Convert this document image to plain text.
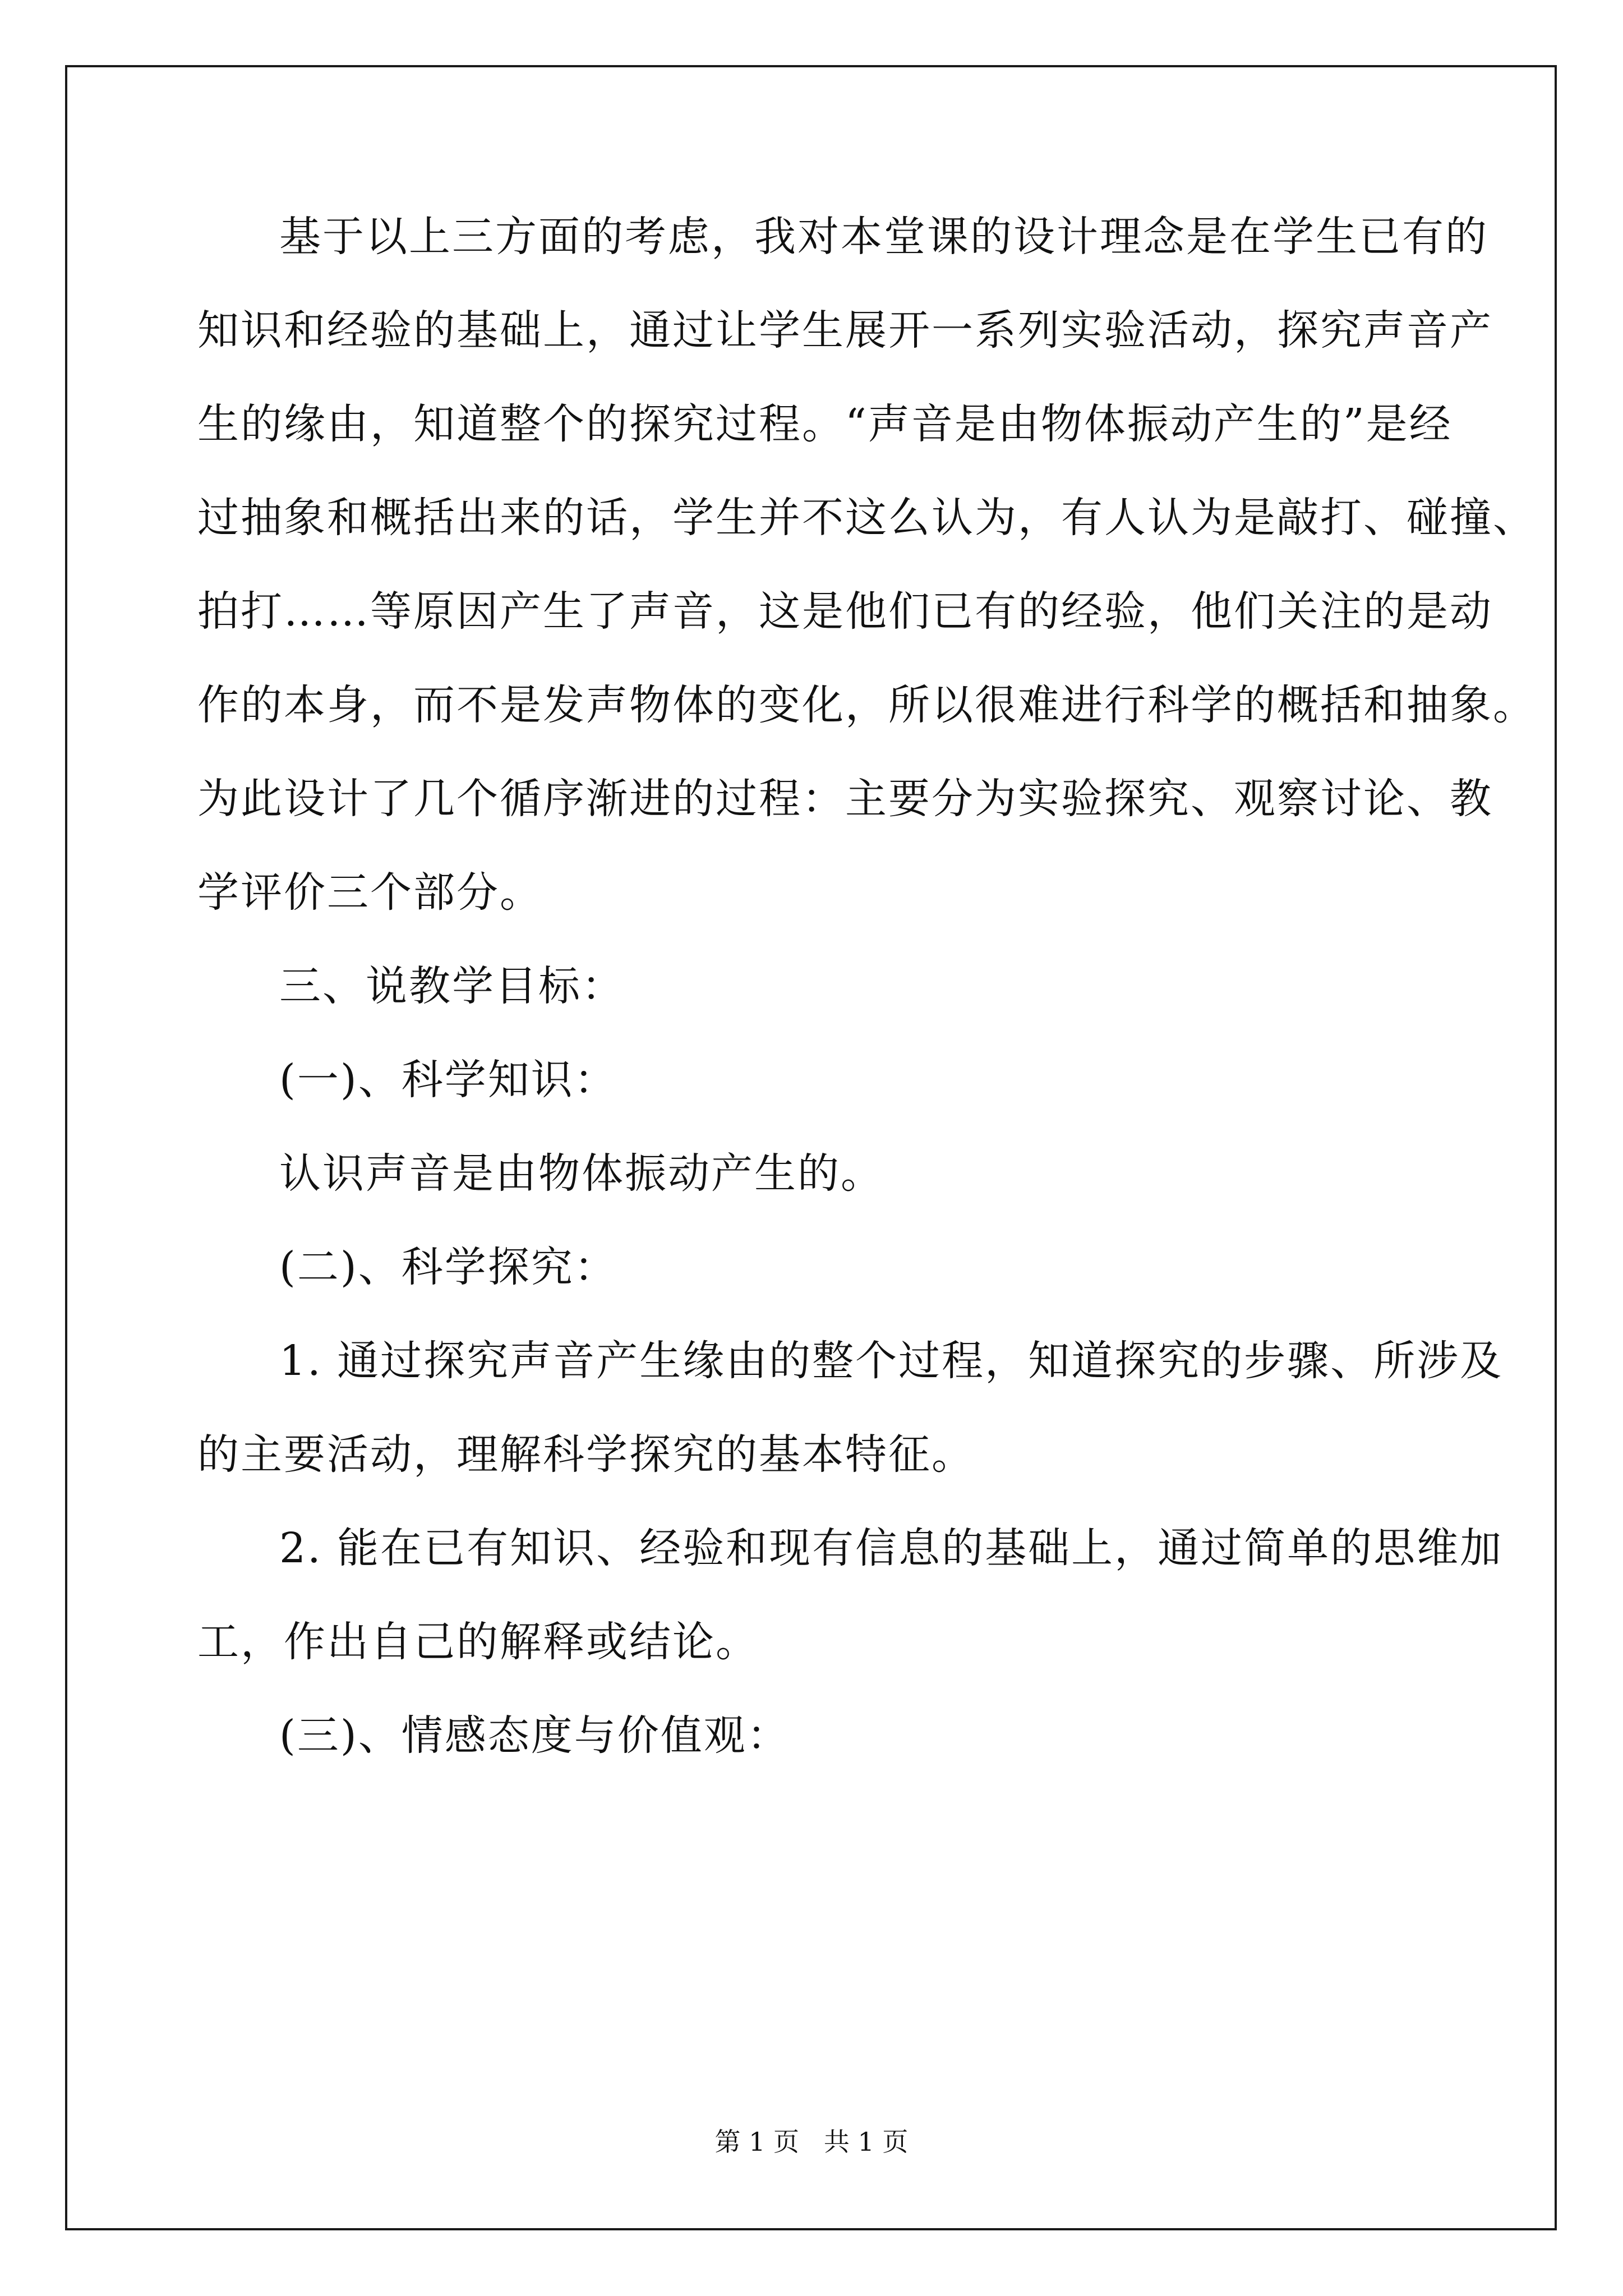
基于以上三方面的考虑，我对本堂课的设计理念是在学生已有的
知识和经验的基础上，通过让学生展开一系列实验活动，探究声音产
生的缘由，知道整个的探究过程。“声音是由物体振动产生的”是经
过抽象和概括出来的话，学生并不这么认为，有人认为是敲打、碰撞、
拍打……等原因产生了声音，这是他们已有的经验，他们关注的是动
作的本身，而不是发声物体的变化，所以很难进行科学的概括和抽象。
为此设计了几个循序渐进的过程：主要分为实验探究、观察讨论、教
学评价三个部分。
三、说教学目标：
(一)、科学知识：
认识声音是由物体振动产生的。
(二)、科学探究：
1. 通过探究声音产生缘由的整个过程，知道探究的步骤、所涉及
的主要活动，理解科学探究的基本特征。
2. 能在已有知识、经验和现有信息的基础上，通过简单的思维加
工，作出自己的解释或结论。
(三)、情感态度与价值观：
第 1 页   共 1 页
